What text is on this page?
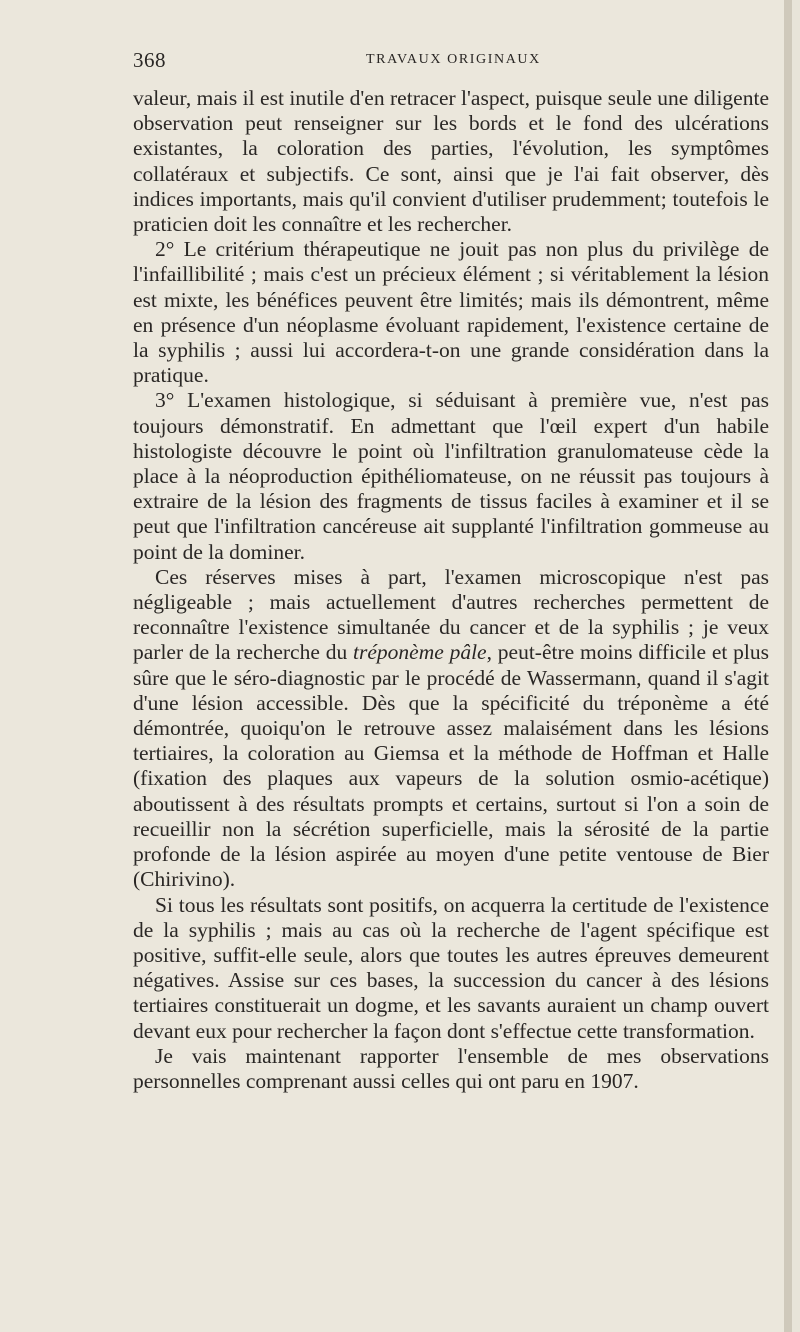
368	TRAVAUX ORIGINAUX

valeur, mais il est inutile d'en retracer l'aspect, puisque seule une diligente observation peut renseigner sur les bords et le fond des ulcérations existantes, la coloration des parties, l'évolution, les symptômes collatéraux et subjectifs. Ce sont, ainsi que je l'ai fait observer, dès indices importants, mais qu'il convient d'utiliser prudemment; toutefois le praticien doit les connaître et les rechercher.

2° Le critérium thérapeutique ne jouit pas non plus du privilège de l'infaillibilité ; mais c'est un précieux élément ; si véritablement la lésion est mixte, les bénéfices peuvent être limités; mais ils démontrent, même en présence d'un néoplasme évoluant rapidement, l'existence certaine de la syphilis ; aussi lui accordera-t-on une grande considération dans la pratique.

3° L'examen histologique, si séduisant à première vue, n'est pas toujours démonstratif. En admettant que l'œil expert d'un habile histologiste découvre le point où l'infiltration granulomateuse cède la place à la néoproduction épithéliomateuse, on ne réussit pas toujours à extraire de la lésion des fragments de tissus faciles à examiner et il se peut que l'infiltration cancéreuse ait supplanté l'infiltration gommeuse au point de la dominer.

Ces réserves mises à part, l'examen microscopique n'est pas négligeable ; mais actuellement d'autres recherches permettent de reconnaître l'existence simultanée du cancer et de la syphilis ; je veux parler de la recherche du tréponème pâle, peut-être moins difficile et plus sûre que le séro-diagnostic par le procédé de Wassermann, quand il s'agit d'une lésion accessible. Dès que la spécificité du tréponème a été démontrée, quoiqu'on le retrouve assez malaisément dans les lésions tertiaires, la coloration au Giemsa et la méthode de Hoffman et Halle (fixation des plaques aux vapeurs de la solution osmio-acétique) aboutissent à des résultats prompts et certains, surtout si l'on a soin de recueillir non la sécrétion superficielle, mais la sérosité de la partie profonde de la lésion aspirée au moyen d'une petite ventouse de Bier (Chirivino).

Si tous les résultats sont positifs, on acquerra la certitude de l'existence de la syphilis ; mais au cas où la recherche de l'agent spécifique est positive, suffit-elle seule, alors que toutes les autres épreuves demeurent négatives. Assise sur ces bases, la succession du cancer à des lésions tertiaires constituerait un dogme, et les savants auraient un champ ouvert devant eux pour rechercher la façon dont s'effectue cette transformation.

Je vais maintenant rapporter l'ensemble de mes observations personnelles comprenant aussi celles qui ont paru en 1907.
